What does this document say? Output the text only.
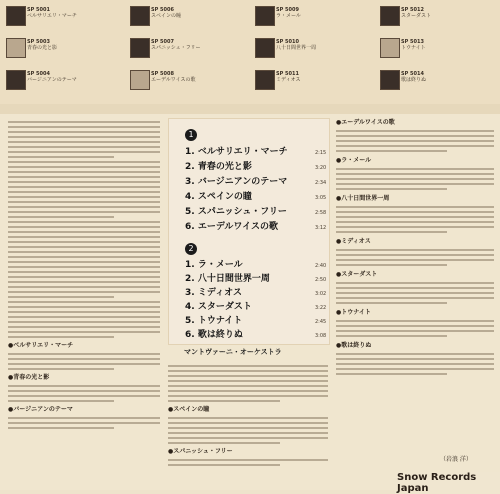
SP 5001
ペルサリエリ・マーチ
SP 5003
青春の光と影
SP 5004
バージニアンのテーマ
SP 5006
スペインの瞳
SP 5007
スパニッシュ・フリー
SP 5008
エーデルワイスの歌
SP 5009
ラ・メール
SP 5010
八十日間世界一周
SP 5011
ミディオス
SP 5012
スターダスト
SP 5013
トウナイト
SP 5014
歌は終りぬ
●ベルサリエリ・マーチ
●青春の光と影
●バージニアンのテーマ
1
1. ベルサリエリ・マーチ	2:15
2. 青春の光と影	3:20
3. バージニアンのテーマ	2:34
4. スペインの瞳	3:05
5. スパニッシュ・フリー	2:58
6. エーデルワイスの歌	3:12
2
1. ラ・メール	2:40
2. 八十日間世界一周	2:50
3. ミディオス	3:02
4. スターダスト	3:22
5. トウナイト	2:45
6. 歌は終りぬ	3:08
マントヴァーニ・オーケストラ
●スペインの瞳
●スパニッシュ・フリー
●エーデルワイスの歌
●ラ・メール
●八十日間世界一周
●ミディオス
●スターダスト
●トウナイト
●歌は終りぬ
（岩浪 洋）
Snow Records Japan
